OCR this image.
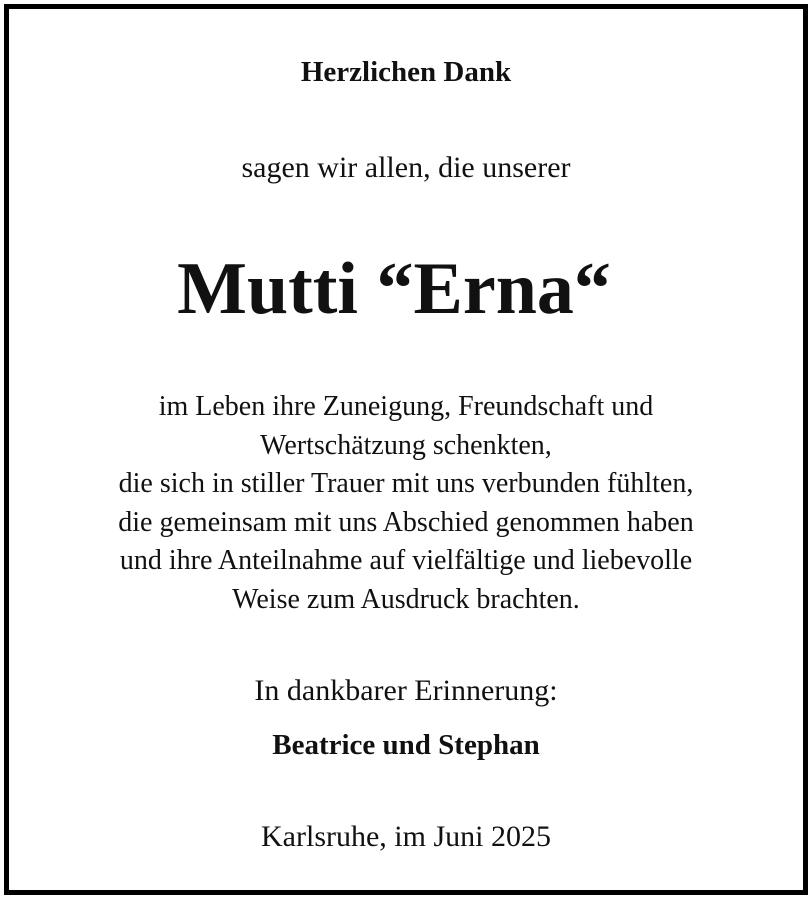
Herzlichen Dank
sagen wir allen, die unserer
Mutti “Erna“
im Leben ihre Zuneigung, Freundschaft und
Wertschätzung schenkten,
die sich in stiller Trauer mit uns verbunden fühlten,
die gemeinsam mit uns Abschied genommen haben
und ihre Anteilnahme auf vielfältige und liebevolle
Weise zum Ausdruck brachten.
In dankbarer Erinnerung:
Beatrice und Stephan
Karlsruhe, im Juni 2025
